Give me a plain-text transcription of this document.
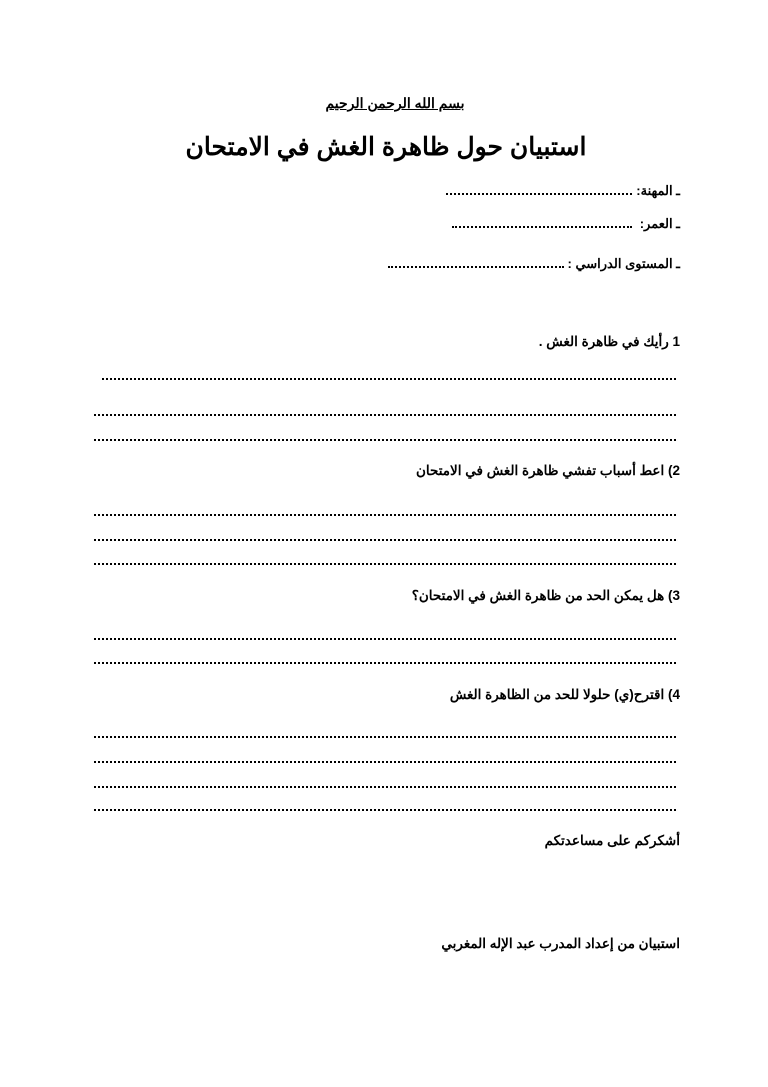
بسم الله الرحمن الرحيم
استبيان حول ظاهرة الغش في الامتحان
ـ المهنة:
ـ العمر:
ـ المستوى الدراسي :
1 رأيك في ظاهرة الغش .
2) اعط أسباب تفشي ظاهرة الغش في الامتحان
3) هل يمكن الحد من ظاهرة الغش في الامتحان؟
4) اقترح(ي) حلولا للحد من الظاهرة الغش
أشكركم على مساعدتكم
استبيان من إعداد المدرب عبد الإله المغربي
